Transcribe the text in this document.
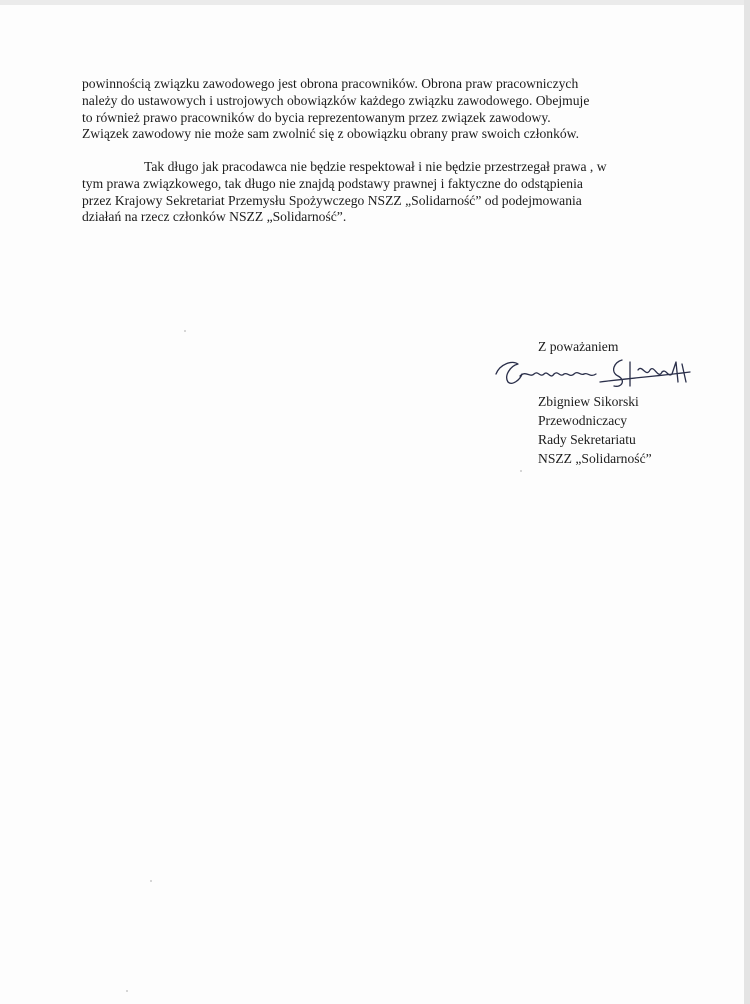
powinnością związku zawodowego jest obrona pracowników. Obrona praw pracowniczych
należy do ustawowych i ustrojowych obowiązków każdego związku zawodowego. Obejmuje
to również prawo pracowników do bycia reprezentowanym przez związek zawodowy.
Związek zawodowy nie może sam zwolnić się z obowiązku obrany praw swoich członków.

Tak długo jak pracodawca nie będzie respektował i nie będzie przestrzegał prawa , w
tym prawa związkowego, tak długo nie znajdą podstawy prawnej i faktyczne do odstąpienia
przez Krajowy Sekretariat Przemysłu Spożywczego NSZZ „Solidarność” od podejmowania
działań na rzecz członków NSZZ „Solidarność”.

Z poważaniem

Zbigniew Sikorski

Przewodniczacy

Rady Sekretariatu

NSZZ „Solidarność”
